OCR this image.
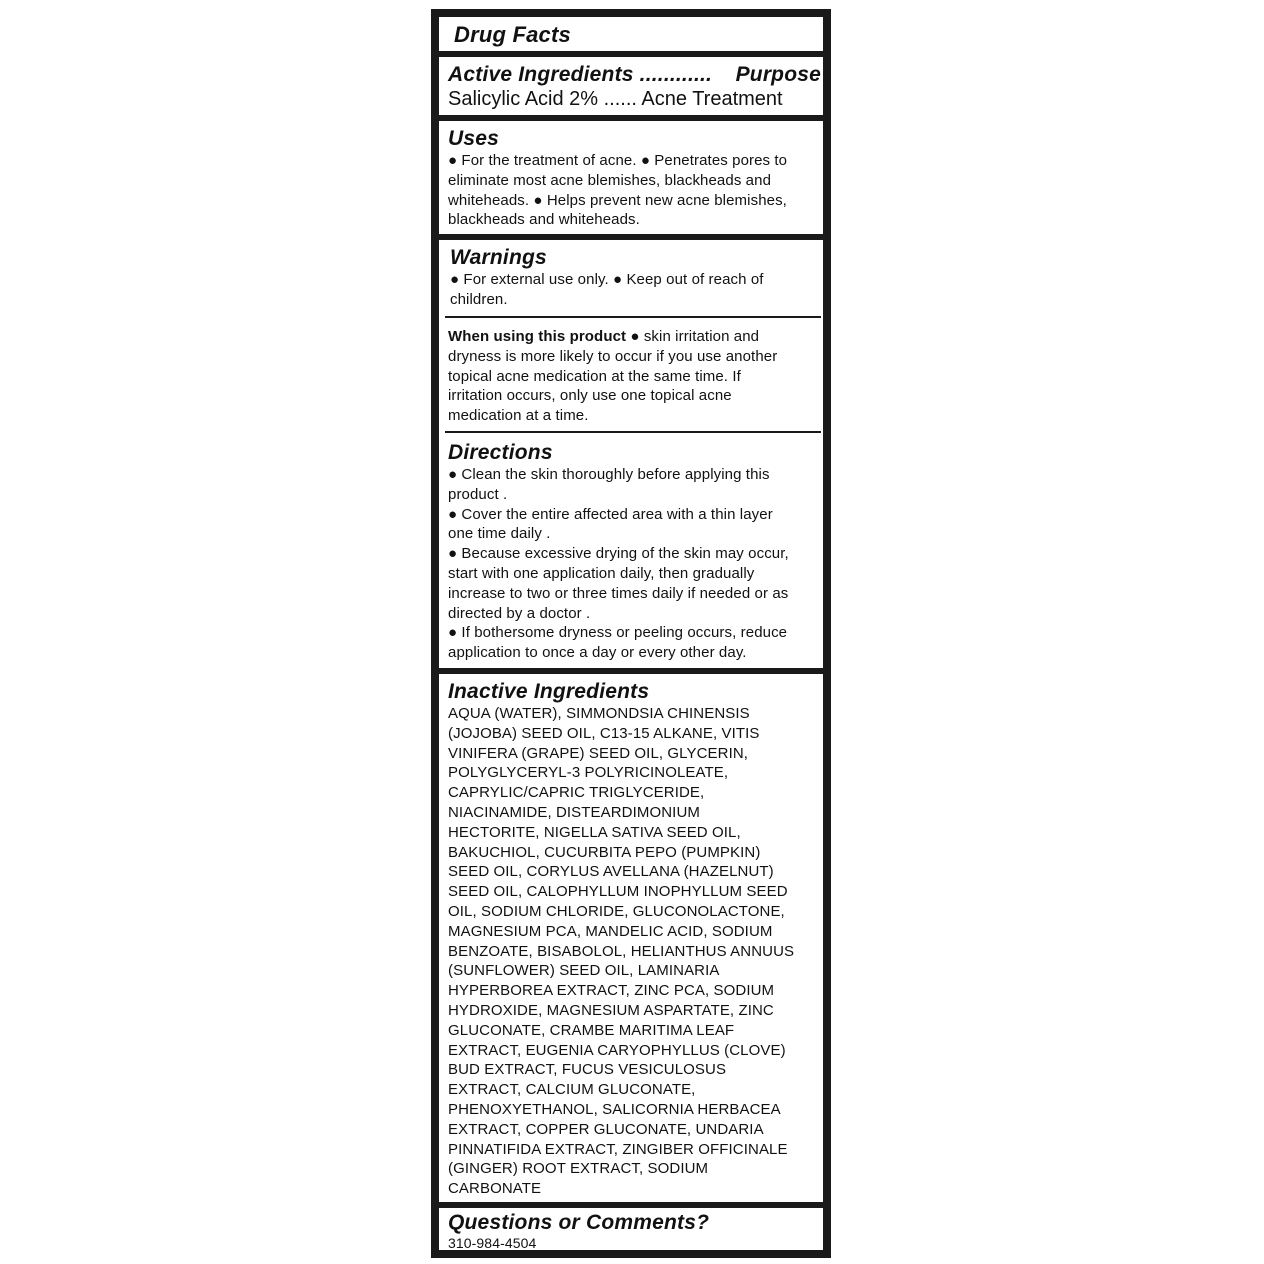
Drug Facts

Active Ingredients ............ Purpose

Salicylic Acid 2% ...... Acne Treatment

Uses

● For the treatment of acne. ● Penetrates pores to

eliminate most acne blemishes, blackheads and

whiteheads. ● Helps prevent new acne blemishes,

blackheads and whiteheads.

Warnings

● For external use only. ● Keep out of reach of

children.

When using this product ● skin irritation and

dryness is more likely to occur if you use another

topical acne medication at the same time. If

irritation occurs, only use one topical acne

medication at a time.

Directions

● Clean the skin thoroughly before applying this

product .

● Cover the entire affected area with a thin layer

one time daily .

● Because excessive drying of the skin may occur,

start with one application daily, then gradually

increase to two or three times daily if needed or as

directed by a doctor .

● If bothersome dryness or peeling occurs, reduce

application to once a day or every other day.

Inactive Ingredients

AQUA (WATER), SIMMONDSIA CHINENSIS

(JOJOBA) SEED OIL, C13-15 ALKANE, VITIS

VINIFERA (GRAPE) SEED OIL, GLYCERIN,

POLYGLYCERYL-3 POLYRICINOLEATE,

CAPRYLIC/CAPRIC TRIGLYCERIDE,

NIACINAMIDE, DISTEARDIMONIUM

HECTORITE, NIGELLA SATIVA SEED OIL,

BAKUCHIOL, CUCURBITA PEPO (PUMPKIN)

SEED OIL, CORYLUS AVELLANA (HAZELNUT)

SEED OIL, CALOPHYLLUM INOPHYLLUM SEED

OIL, SODIUM CHLORIDE, GLUCONOLACTONE,

MAGNESIUM PCA, MANDELIC ACID, SODIUM

BENZOATE, BISABOLOL, HELIANTHUS ANNUUS

(SUNFLOWER) SEED OIL, LAMINARIA

HYPERBOREA EXTRACT, ZINC PCA, SODIUM

HYDROXIDE, MAGNESIUM ASPARTATE, ZINC

GLUCONATE, CRAMBE MARITIMA LEAF

EXTRACT, EUGENIA CARYOPHYLLUS (CLOVE)

BUD EXTRACT, FUCUS VESICULOSUS

EXTRACT, CALCIUM GLUCONATE,

PHENOXYETHANOL, SALICORNIA HERBACEA

EXTRACT, COPPER GLUCONATE, UNDARIA

PINNATIFIDA EXTRACT, ZINGIBER OFFICINALE

(GINGER) ROOT EXTRACT, SODIUM

CARBONATE

Questions or Comments?

310-984-4504
